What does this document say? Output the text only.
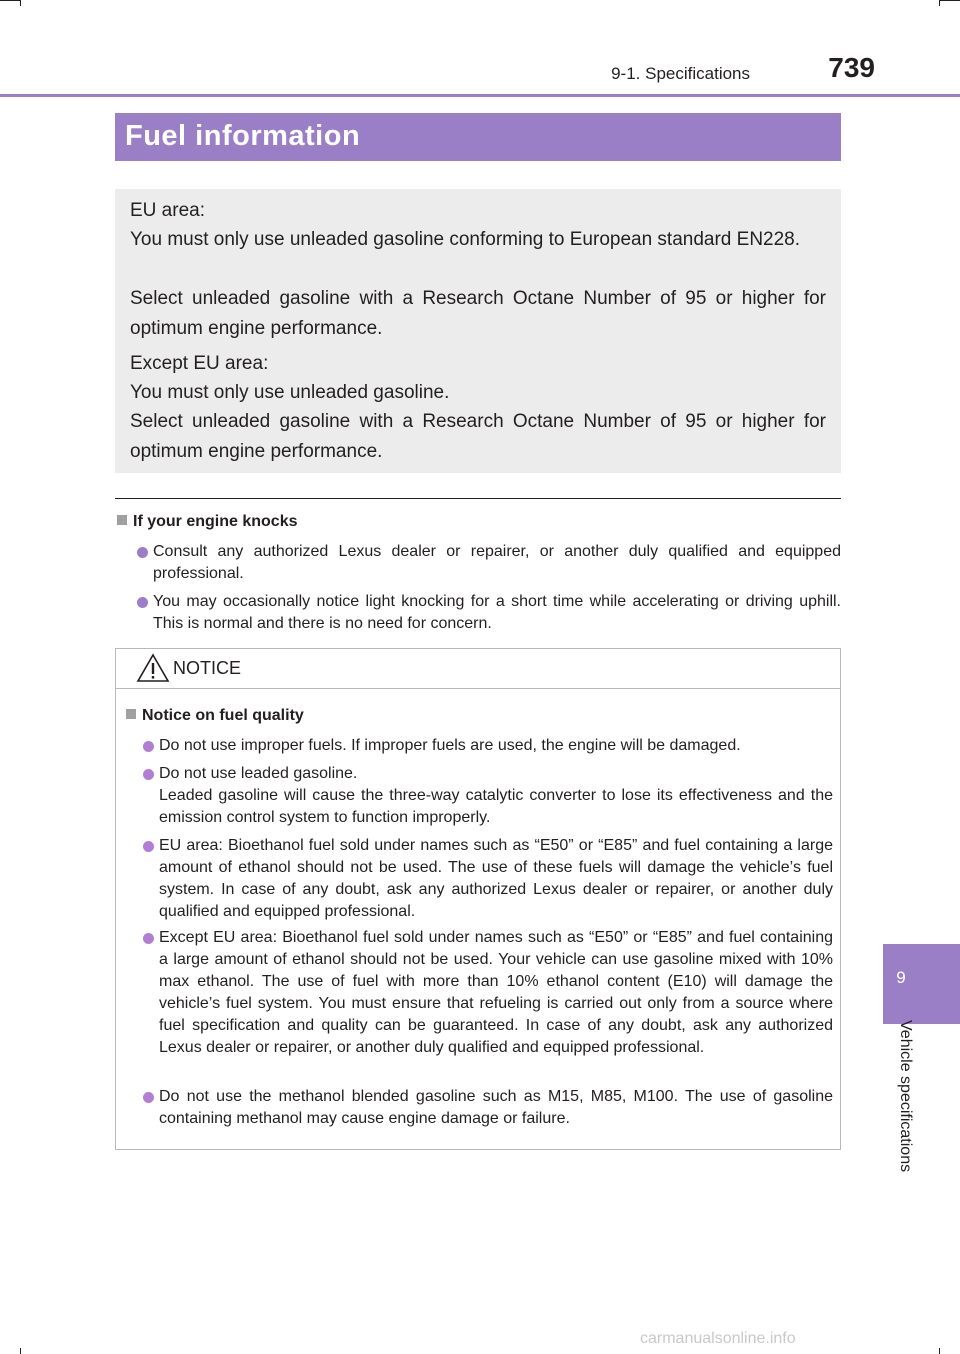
9-1. Specifications	739
Fuel information

EU area:

You must only use unleaded gasoline conforming to European standard EN228.

Select unleaded gasoline with a Research Octane Number of 95 or higher for optimum engine performance.

Except EU area:

You must only use unleaded gasoline.

Select unleaded gasoline with a Research Octane Number of 95 or higher for optimum engine performance.

If your engine knocks
Consult any authorized Lexus dealer or repairer, or another duly qualified and equipped professional.
You may occasionally notice light knocking for a short time while accelerating or driving uphill. This is normal and there is no need for concern.
NOTICE
Notice on fuel quality
Do not use improper fuels. If improper fuels are used, the engine will be damaged.
Do not use leaded gasoline.
Leaded gasoline will cause the three-way catalytic converter to lose its effectiveness and the emission control system to function improperly.
EU area: Bioethanol fuel sold under names such as “E50” or “E85” and fuel containing a large amount of ethanol should not be used. The use of these fuels will damage the vehicle’s fuel system. In case of any doubt, ask any authorized Lexus dealer or repairer, or another duly qualified and equipped professional.
Except EU area: Bioethanol fuel sold under names such as “E50” or “E85” and fuel containing a large amount of ethanol should not be used. Your vehicle can use gasoline mixed with 10% max ethanol. The use of fuel with more than 10% ethanol content (E10) will damage the vehicle’s fuel system. You must ensure that refueling is carried out only from a source where fuel specification and quality can be guaranteed. In case of any doubt, ask any authorized Lexus dealer or repairer, or another duly qualified and equipped professional.
Do not use the methanol blended gasoline such as M15, M85, M100. The use of gasoline containing methanol may cause engine damage or failure.
9
Vehicle specifications
carmanualsonline.info
